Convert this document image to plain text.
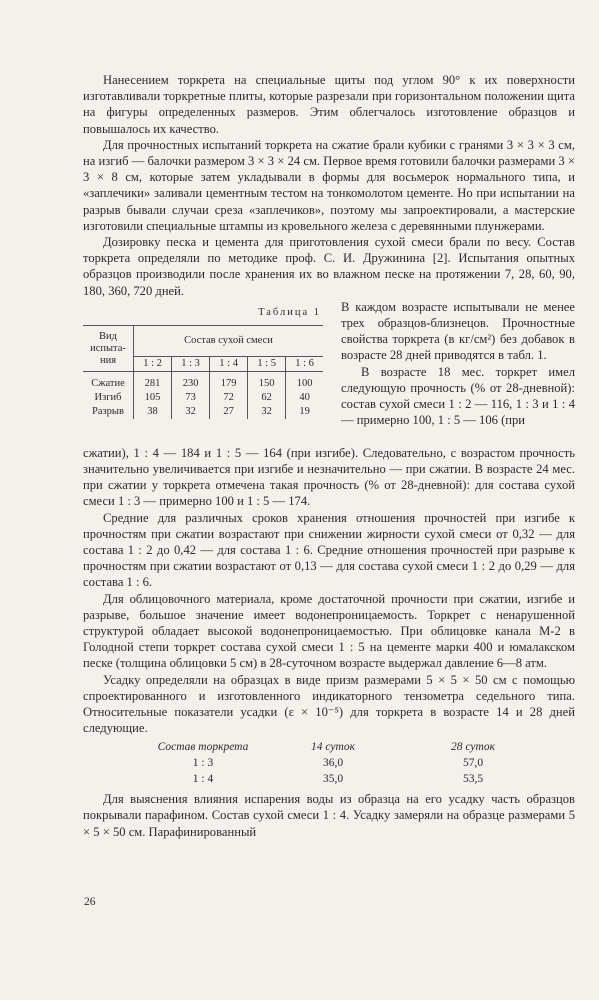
Нанесением торкрета на специальные щиты под углом 90° к их поверхности изготавливали торкретные плиты, которые разрезали при горизонтальном положении щита на фигуры определенных размеров. Этим облегчалось изготовление образцов и повышалось их качество.

Для прочностных испытаний торкрета на сжатие брали кубики с гранями 3 × 3 × 3 см, на изгиб — балочки размером 3 × 3 × 24 см. Первое время готовили балочки размерами 3 × 3 × 8 см, которые затем укладывали в формы для восьмерок нормального типа, и «заплечики» заливали цементным тестом на тонкомолотом цементе. Но при испытании на разрыв бывали случаи среза «заплечиков», поэтому мы запроектировали, а мастерские изготовили специальные штампы из кровельного железа с деревянными плунжерами.

Дозировку песка и цемента для приготовления сухой смеси брали по весу. Состав торкрета определяли по методике проф. С. И. Дружинина [2]. Испытания опытных образцов производили после хранения их во влажном песке на протяжении 7, 28, 60, 90, 180, 360, 720 дней.

Таблица 1
Вид испыта-ния	Состав сухой смеси				
	1 : 2	1 : 3	1 : 4	1 : 5	1 : 6
Сжатие	281	230	179	150	100
Изгиб	105	73	72	62	40
Разрыв	38	32	27	32	19

В каждом возрасте испытывали не менее трех образцов-близнецов. Прочностные свойства торкрета (в кг/см²) без добавок в возрасте 28 дней приводятся в табл. 1.

В возрасте 18 мес. торкрет имел следующую прочность (% от 28-дневной): состав сухой смеси 1 : 2 — 116, 1 : 3 и 1 : 4 — примерно 100, 1 : 5 — 106 (при

сжатии), 1 : 4 — 184 и 1 : 5 — 164 (при изгибе). Следовательно, с возрастом прочность значительно увеличивается при изгибе и незначительно — при сжатии. В возрасте 24 мес. при сжатии у торкрета отмечена такая прочность (% от 28-дневной): для состава сухой смеси 1 : 3 — примерно 100 и 1 : 5 — 174.

Средние для различных сроков хранения отношения прочностей при изгибе к прочностям при сжатии возрастают при снижении жирности сухой смеси от 0,32 — для состава 1 : 2 до 0,42 — для состава 1 : 6. Средние отношения прочностей при разрыве к прочностям при сжатии возрастают от 0,13 — для состава сухой смеси 1 : 2 до 0,29 — для состава 1 : 6.

Для облицовочного материала, кроме достаточной прочности при сжатии, изгибе и разрыве, большое значение имеет водонепроницаемость. Торкрет с ненарушенной структурой обладает высокой водонепроницаемостью. При облицовке канала М-2 в Голодной степи торкрет состава сухой смеси 1 : 5 на цементе марки 400 и юмалакском песке (толщина облицовки 5 см) в 28-суточном возрасте выдержал давление 6—8 атм.

Усадку определяли на образцах в виде призм размерами 5 × 5 × 50 см с помощью спроектированного и изготовленного индикаторного тензометра седельного типа. Относительные показатели усадки (ε × 10⁻⁵) для торкрета в возрасте 14 и 28 дней следующие.

Состав торкрета	14 суток	28 суток
1 : 3	36,0	57,0
1 : 4	35,0	53,5

Для выяснения влияния испарения воды из образца на его усадку часть образцов покрывали парафином. Состав сухой смеси 1 : 4. Усадку замеряли на образце размерами 5 × 5 × 50 см. Парафинированный

26
